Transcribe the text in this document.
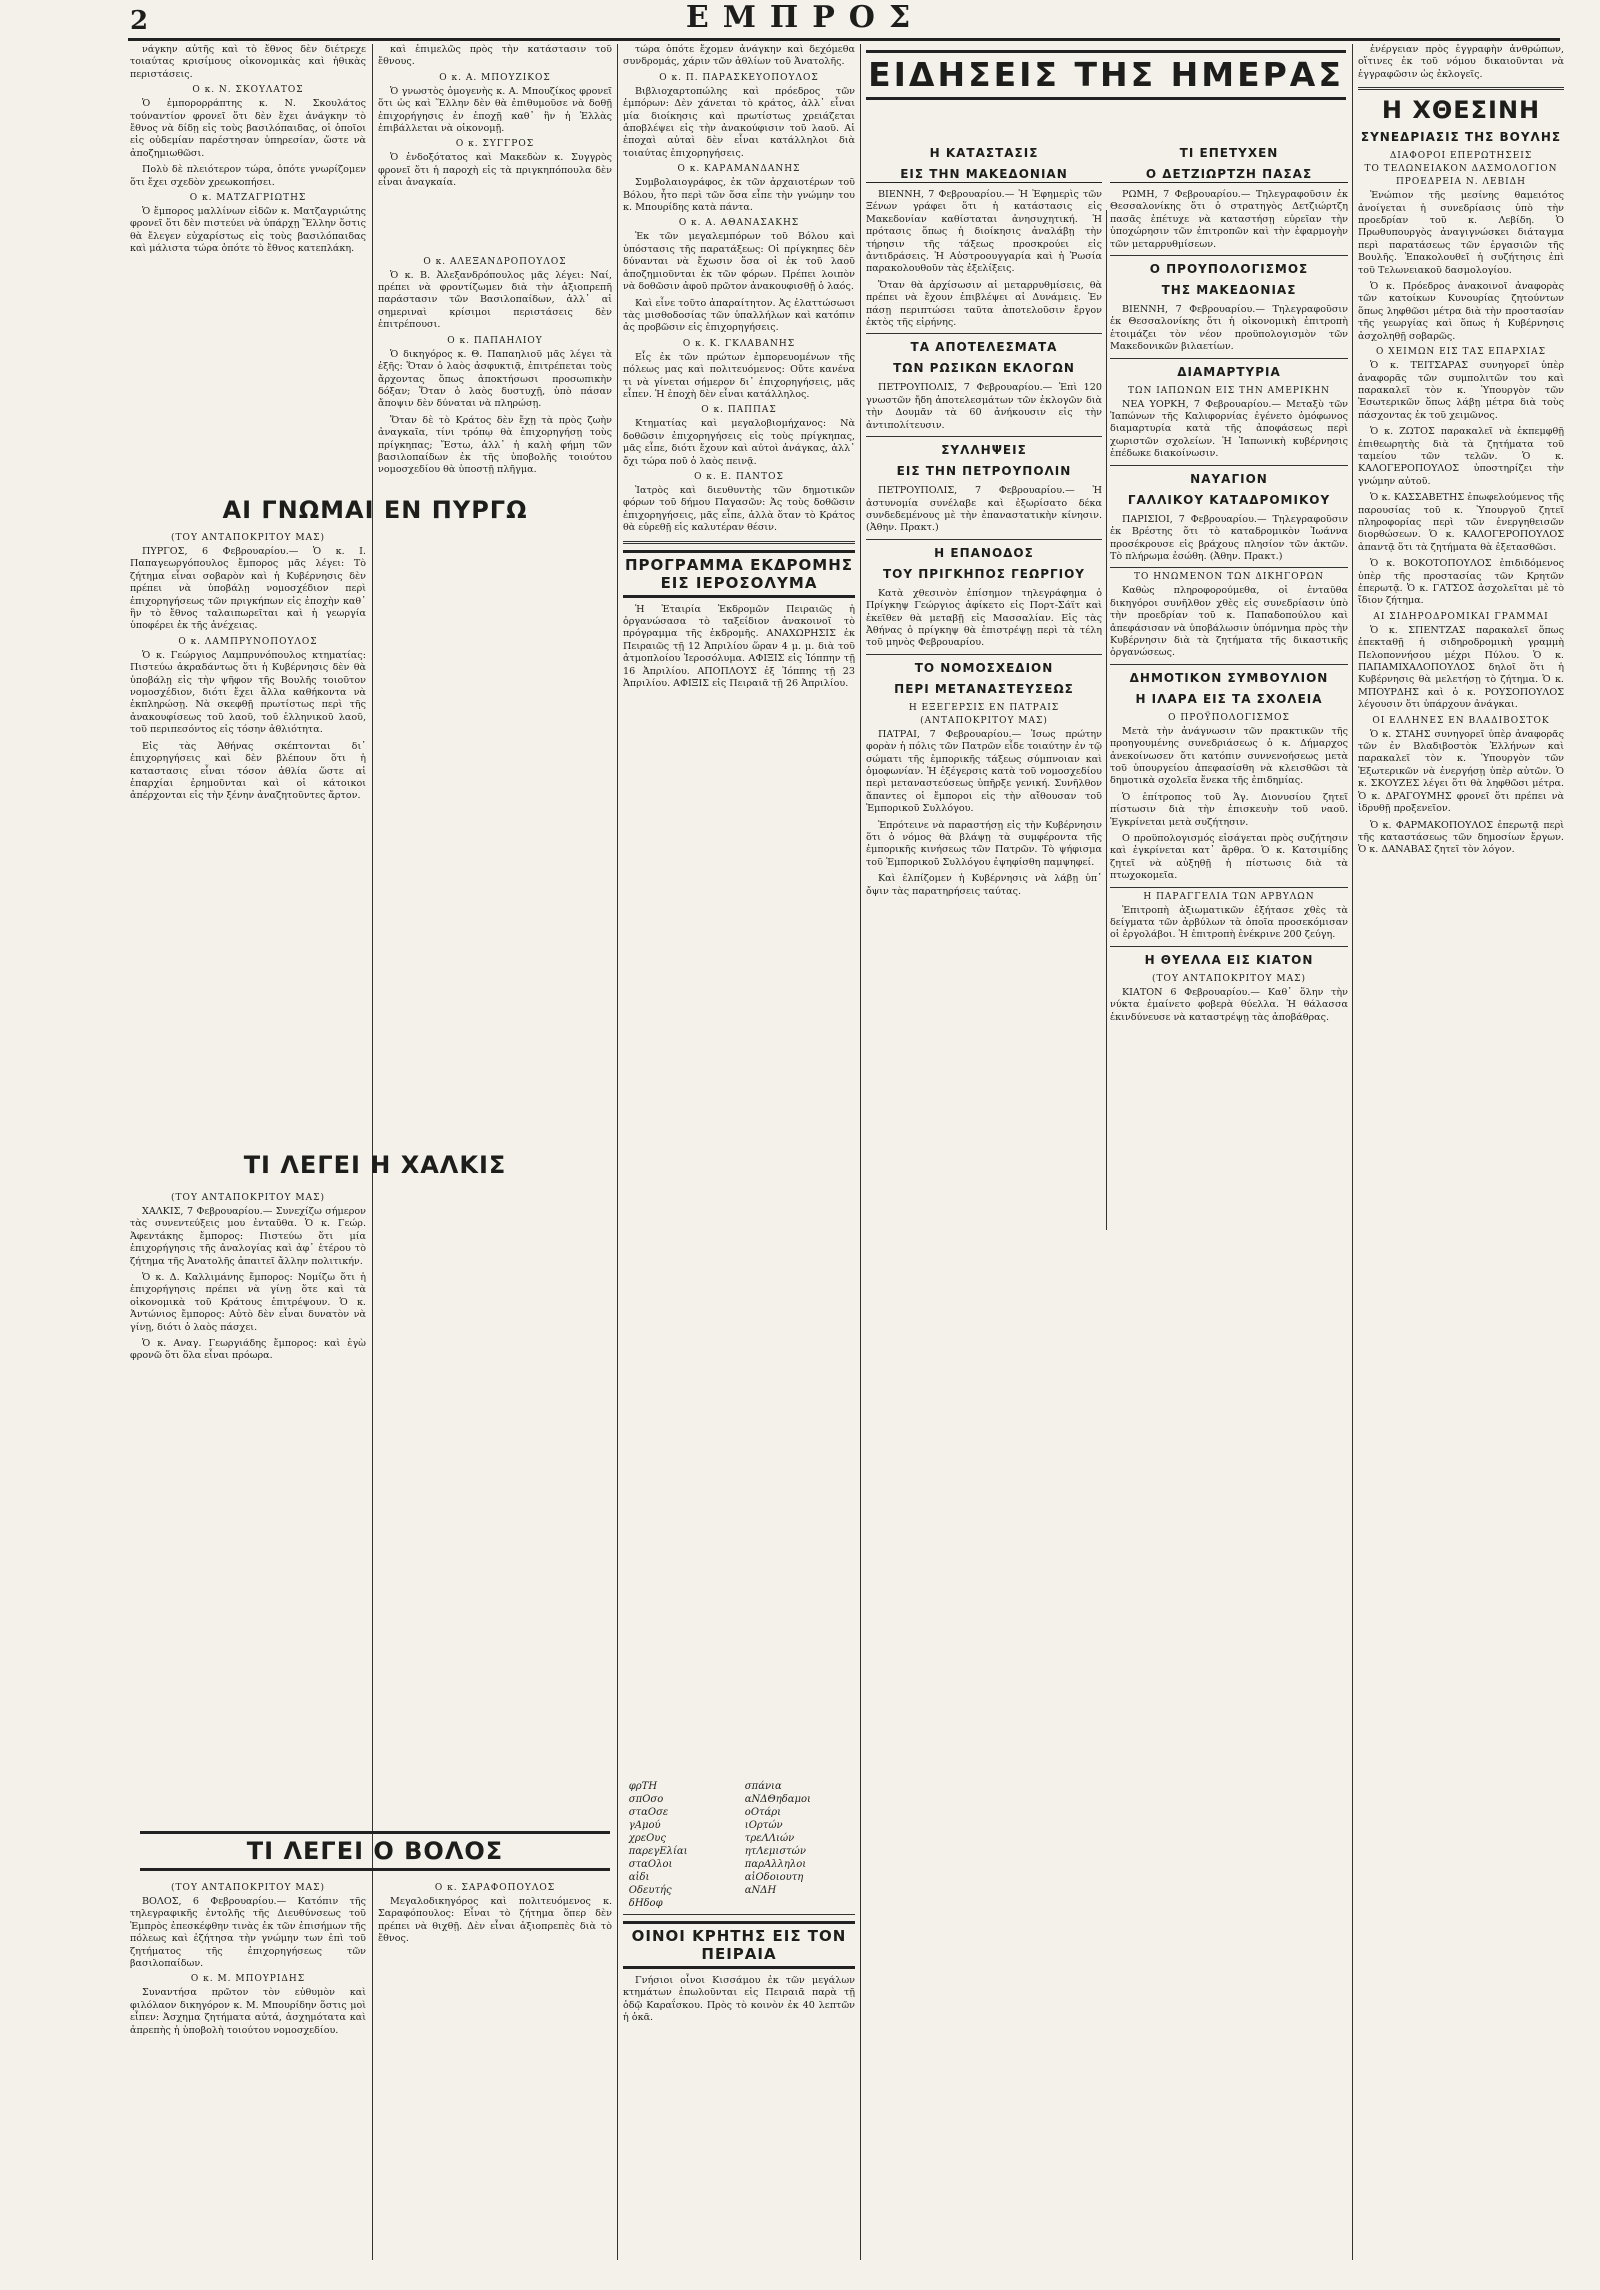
2	ΕΜΠΡΟΣ

νάγκην αὐτῆς καὶ τὸ ἔθνος δὲν διέτρεχε τοιαύτας κρισίμους οἰκονομικὰς καὶ ἠθικὰς περιστάσεις.

Ο κ. Ν. ΣΚΟΥΛΑΤΟΣ

Ὁ ἐμπορορράπτης κ. Ν. Σκουλάτος τούναντίον φρονεῖ ὅτι δὲν ἔχει ἀνάγκην τὸ ἔθνος νὰ δίδῃ εἰς τοὺς βασιλόπαιδας, οἱ ὁποῖοι εἰς οὐδεμίαν παρέστησαν ὑπηρεσίαν, ὥστε νὰ ἀποζημιωθῶσι.

Πολὺ δὲ πλειότερον τώρα, ὁπότε γνωρίζομεν ὅτι ἔχει σχεδὸν χρεωκοπήσει.

Ο κ. ΜΑΤΖΑΓΡΙΩΤΗΣ

Ὁ ἔμπορος μαλλίνων εἰδῶν κ. Ματζαγριώτης φρονεῖ ὅτι δὲν πιστεύει νὰ ὑπάρχῃ Ἕλλην ὅστις θὰ ἔλεγεν εὐχαρίστως εἰς τοὺς βασιλόπαιδας καὶ μάλιστα τώρα ὁπότε τὸ ἔθνος κατεπλάκη.

ΑΙ ΓΝΩΜΑΙ ΕΝ ΠΥΡΓΩ
(ΤΟΥ ΑΝΤΑΠΟΚΡΙΤΟΥ ΜΑΣ)

ΠΥΡΓΟΣ, 6 Φεβρουαρίου.— Ὁ κ. Ι. Παπαγεωργόπουλος ἔμπορος μᾶς λέγει: Τὸ ζήτημα εἶναι σοβαρὸν καὶ ἡ Κυβέρνησις δὲν πρέπει νὰ ὑποβάλῃ νομοσχέδιον περὶ ἐπιχορηγήσεως τῶν πριγκήπων εἰς ἐποχὴν καθ᾽ ἣν τὸ ἔθνος ταλαιπωρεῖται καὶ ἡ γεωργία ὑποφέρει ἐκ τῆς ἀνέχειας.

Ο κ. ΛΑΜΠΡΥΝΟΠΟΥΛΟΣ

Ὁ κ. Γεώργιος Λαμπρυνόπουλος κτηματίας: Πιστεύω ἀκραδάντως ὅτι ἡ Κυβέρνησις δὲν θὰ ὑποβάλῃ εἰς τὴν ψῆφον τῆς Βουλῆς τοιοῦτον νομοσχέδιον, διότι ἔχει ἄλλα καθήκοντα νὰ ἐκπληρώσῃ. Νὰ σκεφθῇ πρωτίστως περὶ τῆς ἀνακουφίσεως τοῦ λαοῦ, τοῦ ἑλληνικοῦ λαοῦ, τοῦ περιπεσόντος εἰς τόσην ἀθλιότητα.

Εἰς τὰς Ἀθήνας σκέπτονται δι᾽ ἐπιχορηγήσεις καὶ δὲν βλέπουν ὅτι ἡ καταστασις εἶναι τόσον ἀθλία ὥστε αἱ ἐπαρχίαι ἐρημοῦνται καὶ οἱ κάτοικοι ἀπέρχονται εἰς τὴν ξένην ἀναζητοῦντες ἄρτον.

καὶ ἐπιμελῶς πρὸς τὴν κατάστασιν τοῦ ἔθνους.

Ο κ. Α. ΜΠΟΥΖΙΚΟΣ

Ὁ γνωστὸς ὁμογενὴς κ. Α. Μπουζίκος φρονεῖ ὅτι ὡς καὶ Ἕλλην δὲν θὰ ἐπιθυμοῦσε νὰ δοθῇ ἐπιχορήγησις ἐν ἐποχῇ καθ᾽ ἣν ἡ Ἑλλὰς ἐπιβάλλεται νὰ οἰκονομῇ.

Ο κ. ΣΥΓΓΡΟΣ

Ὁ ἐνδοξότατος καὶ Μακεδὼν κ. Συγγρὸς φρονεῖ ὅτι ἡ παροχὴ εἰς τὰ πριγκηπόπουλα δὲν εἶναι ἀναγκαία.

Ο κ. ΑΛΕΞΑΝΔΡΟΠΟΥΛΟΣ

Ὁ κ. Β. Ἀλεξανδρόπουλος μᾶς λέγει: Ναί, πρέπει νὰ φροντίζωμεν διὰ τὴν ἀξιοπρεπῆ παράστασιν τῶν Βασιλοπαίδων, ἀλλ᾽ αἱ σημεριναὶ κρίσιμοι περιστάσεις δὲν ἐπιτρέπουσι.

Ο κ. ΠΑΠΑΗΛΙΟΥ

Ὁ δικηγόρος κ. Θ. Παπαηλιοῦ μᾶς λέγει τὰ ἑξῆς: Ὅταν ὁ λαὸς ἀσφυκτιᾷ, ἐπιτρέπεται τοὺς ἄρχοντας ὅπως ἀποκτήσωσι προσωπικὴν δόξαν; Ὅταν ὁ λαὸς δυστυχῇ, ὑπὸ πάσαν ἄποψιν δὲν δύναται νὰ πληρώσῃ.

Ὅταν δὲ τὸ Κράτος δὲν ἔχῃ τὰ πρὸς ζωὴν ἀναγκαῖα, τίνι τρόπῳ θὰ ἐπιχορηγήσῃ τοὺς πρίγκηπας; Ἔστω, ἀλλ᾽ ἡ καλὴ φήμη τῶν βασιλοπαίδων ἐκ τῆς ὑποβολῆς τοιούτου νομοσχεδίου θὰ ὑποστῇ πλῆγμα.

ΤΙ ΛΕΓΕΙ Η ΧΑΛΚΙΣ
(ΤΟΥ ΑΝΤΑΠΟΚΡΙΤΟΥ ΜΑΣ)

ΧΑΛΚΙΣ, 7 Φεβρουαρίου.— Συνεχίζω σήμερον τὰς συνεντεύξεις μου ἐνταῦθα. Ὁ κ. Γεώρ. Ἀφεντάκης ἔμπορος: Πιστεύω ὅτι μία ἐπιχορήγησις τῆς ἀναλογίας καὶ ἀφ᾽ ἑτέρου τὸ ζήτημα τῆς Ἀνατολῆς ἀπαιτεῖ ἄλλην πολιτικήν.

Ὁ κ. Δ. Καλλιμάνης ἔμπορος: Νομίζω ὅτι ἡ ἐπιχορήγησις πρέπει νὰ γίνῃ ὅτε καὶ τὰ οἰκονομικὰ τοῦ Κράτους ἐπιτρέψουν. Ὁ κ. Ἀντώνιος ἔμπορος: Αὐτὸ δὲν εἶναι δυνατὸν νὰ γίνῃ, διότι ὁ λαὸς πάσχει.

Ὁ κ. Αναγ. Γεωργιάδης ἔμπορος: καὶ ἐγὼ φρονῶ ὅτι ὅλα εἶναι πρόωρα.

ΤΙ ΛΕΓΕΙ Ο ΒΟΛΟΣ
(ΤΟΥ ΑΝΤΑΠΟΚΡΙΤΟΥ ΜΑΣ)

ΒΟΛΟΣ, 6 Φεβρουαρίου.— Κατόπιν τῆς τηλεγραφικῆς ἐντολῆς τῆς Διευθύνσεως τοῦ Ἐμπρὸς ἐπεσκέφθην τινὰς ἐκ τῶν ἐπισήμων τῆς πόλεως καὶ ἐζήτησα τὴν γνώμην των ἐπὶ τοῦ ζητήματος τῆς ἐπιχορηγήσεως τῶν βασιλοπαίδων.

Ο κ. Μ. ΜΠΟΥΡΙΔΗΣ

Συναντήσα πρῶτον τὸν εὐθυμὸν καὶ φιλόλαον δικηγόρον κ. Μ. Μπουρίδην ὅστις μοὶ εἶπεν: Ἀσχημα ζητήματα αὐτά, ἀσχημότατα καὶ ἀπρεπὴς ἡ ὑποβολὴ τοιούτου νομοσχεδίου.

Ο κ. ΣΑΡΑΦΟΠΟΥΛΟΣ

Μεγαλοδικηγόρος καὶ πολιτευόμενος κ. Σαραφόπουλος: Εἶναι τὸ ζήτημα ὅπερ δὲν πρέπει νὰ θιχθῇ. Δὲν εἶναι ἀξιοπρεπὲς διὰ τὸ ἔθνος.

τώρα ὁπότε ἔχομεν ἀνάγκην καὶ δεχόμεθα συνδρομάς, χάριν τῶν ἀθλίων τοῦ Ἀνατολῆς.

Ο κ. Π. ΠΑΡΑΣΚΕΥΟΠΟΥΛΟΣ

Βιβλιοχαρτοπώλης καὶ πρόεδρος τῶν ἐμπόρων: Δὲν χάνεται τὸ κράτος, ἀλλ᾽ εἶναι μία διοίκησις καὶ πρωτίστως χρειάζεται ἀποβλέψει εἰς τὴν ἀνακούφισιν τοῦ λαοῦ. Αἱ ἐποχαὶ αὐταὶ δὲν εἶναι κατάλληλοι διὰ τοιαύτας ἐπιχορηγήσεις.

Ο κ. ΚΑΡΑΜΑΝΔΑΝΗΣ

Συμβολαιογράφος, ἐκ τῶν ἀρχαιοτέρων τοῦ Βόλου, ἦτο περὶ τῶν ὅσα εἶπε τὴν γνώμην του κ. Μπουρίδης κατὰ πάντα.

Ο κ. Α. ΑΘΑΝΑΣΑΚΗΣ

Ἐκ τῶν μεγαλεμπόρων τοῦ Βόλου καὶ ὑπόστασις τῆς παρατάξεως: Οἱ πρίγκηπες δὲν δύνανται νὰ ἔχωσιν ὅσα οἱ ἐκ τοῦ λαοῦ ἀποζημιοῦνται ἐκ τῶν φόρων. Πρέπει λοιπὸν νὰ δοθῶσιν ἀφοῦ πρῶτον ἀνακουφισθῇ ὁ λαός.

Καὶ εἶνε τοῦτο ἀπαραίτητον. Ἀς ἐλαττώσωσι τὰς μισθοδοσίας τῶν ὑπαλλήλων καὶ κατόπιν ἀς προβῶσιν εἰς ἐπιχορηγήσεις.

Ο κ. Κ. ΓΚΛΑΒΑΝΗΣ

Εἷς ἐκ τῶν πρώτων ἐμπορευομένων τῆς πόλεως μας καὶ πολιτευόμενος: Οὔτε κανένα τι νὰ γίνεται σήμερον δι᾽ ἐπιχορηγήσεις, μᾶς εἶπεν. Ἡ ἐποχὴ δὲν εἶναι κατάλληλος.

Ο κ. ΠΑΠΠΑΣ

Κτηματίας καὶ μεγαλοβιομήχανος: Νὰ δοθῶσιν ἐπιχορηγήσεις εἰς τοὺς πρίγκηπας, μᾶς εἶπε, διότι ἔχουν καὶ αὐτοὶ ἀνάγκας, ἀλλ᾽ ὄχι τώρα ποῦ ὁ λαὸς πεινᾷ.

Ο κ. Ε. ΠΑΝΤΟΣ

Ἰατρὸς καὶ διευθυντὴς τῶν δημοτικῶν φόρων τοῦ δήμου Παγασῶν: Ἀς τοὺς δοθῶσιν ἐπιχορηγήσεις, μᾶς εἶπε, ἀλλὰ ὅταν τὸ Κράτος θὰ εὑρεθῇ εἰς καλυτέραν θέσιν.

ΠΡΟΓΡΑΜΜΑ ΕΚΔΡΟΜΗΣ ΕΙΣ ΙΕΡΟΣΟΛΥΜΑ

Ἡ Ἑταιρία Ἐκδρομῶν Πειραιῶς ἡ ὀργανώσασα τὸ ταξείδιον ἀνακοινοῖ τὸ πρόγραμμα τῆς ἐκδρομῆς. ΑΝΑΧΩΡΗΣΙΣ ἐκ Πειραιῶς τῇ 12 Ἀπριλίου ὥραν 4 μ. μ. διὰ τοῦ ἀτμοπλοίου Ἱεροσόλυμα. ΑΦΙΞΙΣ εἰς Ἰόππην τῇ 16 Ἀπριλίου. ΑΠΟΠΛΟΥΣ ἐξ Ἰόππης τῇ 23 Ἀπριλίου. ΑΦΙΞΙΣ εἰς Πειραιᾶ τῇ 26 Ἀπριλίου.

φρΤΗ
σπΟσο
σταΟσε
γΑμού
χρεΟυς
παρεγΕλίαι
σταΟλοι
αἰδι Οδευτής
δΗδοφ
σπάνια
αΝΔΘηδαμοι
οΟτάρι
ιΟρτών
τρεΛΛιών
ητΛεμιστών
παρΑλληλοι
αἰΟδοιουτη
αΝΔΗ
ΟΙΝΟΙ ΚΡΗΤΗΣ ΕΙΣ ΤΟΝ ΠΕΙΡΑΙΑ

Γνήσιοι οἶνοι Κισσάμου ἐκ τῶν μεγάλων κτημάτων ἐπωλοῦνται εἰς Πειραιᾶ παρὰ τῇ ὁδῷ Καραΐσκου. Πρὸς τὸ κοινὸν ἐκ 40 λεπτῶν ἡ ὀκᾶ.

ΕΙΔΗΣΕΙΣ ΤΗΣ ΗΜΕΡΑΣ
Η ΚΑΤΑΣΤΑΣΙΣ
ΕΙΣ ΤΗΝ ΜΑΚΕΔΟΝΙΑΝ

ΒΙΕΝΝΗ, 7 Φεβρουαρίου.— Ἡ Ἐφημερὶς τῶν Ξένων γράφει ὅτι ἡ κατάστασις εἰς Μακεδονίαν καθίσταται ἀνησυχητική. Ἡ πρότασις ὅπως ἡ διοίκησις ἀναλάβῃ τὴν τήρησιν τῆς τάξεως προσκρούει εἰς ἀντιδράσεις. Ἡ Αὐστροουγγαρία καὶ ἡ Ῥωσία παρακολουθοῦν τὰς ἐξελίξεις.

Ὅταν θὰ ἀρχίσωσιν αἱ μεταρρυθμίσεις, θὰ πρέπει νὰ ἔχουν ἐπιβλέψει αἱ Δυνάμεις. Ἐν πάσῃ περιπτώσει ταῦτα ἀποτελοῦσιν ἔργον ἐκτὸς τῆς εἰρήνης.

ΤΑ ΑΠΟΤΕΛΕΣΜΑΤΑ
ΤΩΝ ΡΩΣΙΚΩΝ ΕΚΛΟΓΩΝ

ΠΕΤΡΟΥΠΟΛΙΣ, 7 Φεβρουαρίου.— Ἐπὶ 120 γνωστῶν ἤδη ἀποτελεσμάτων τῶν ἐκλογῶν διὰ τὴν Δουμᾶν τὰ 60 ἀνήκουσιν εἰς τὴν ἀντιπολίτευσιν.

ΣΥΛΛΗΨΕΙΣ
ΕΙΣ ΤΗΝ ΠΕΤΡΟΥΠΟΛΙΝ

ΠΕΤΡΟΥΠΟΛΙΣ, 7 Φεβρουαρίου.— Ἡ ἀστυνομία συνέλαβε καὶ ἐξωρίσατο δέκα συνδεδεμένους μὲ τὴν ἐπαναστατικὴν κίνησιν. (Ἀθην. Πρακτ.)

Η ΕΠΑΝΟΔΟΣ
ΤΟΥ ΠΡΙΓΚΗΠΟΣ ΓΕΩΡΓΙΟΥ

Κατὰ χθεσινὸν ἐπίσημον τηλεγράφημα ὁ Πρίγκηψ Γεώργιος ἀφίκετο εἰς Πορτ-Σάϊτ καὶ ἐκεῖθεν θὰ μεταβῇ εἰς Μασσαλίαν. Εἰς τὰς Ἀθήνας ὁ πρίγκηψ θὰ ἐπιστρέψῃ περὶ τὰ τέλη τοῦ μηνὸς Φεβρουαρίου.

ΤΟ ΝΟΜΟΣΧΕΔΙΟΝ
ΠΕΡΙ ΜΕΤΑΝΑΣΤΕΥΣΕΩΣ
Η ΕΞΕΓΕΡΣΙΣ ΕΝ ΠΑΤΡΑΙΣ
(ΑΝΤΑΠΟΚΡΙΤΟΥ ΜΑΣ)

ΠΑΤΡΑΙ, 7 Φεβρουαρίου.— Ἰσως πρώτην φορὰν ἡ πόλις τῶν Πατρῶν εἶδε τοιαύτην ἐν τῷ σώματι τῆς ἐμπορικῆς τάξεως σύμπνοιαν καὶ ὁμοφωνίαν. Ἡ ἐξέγερσις κατὰ τοῦ νομοσχεδίου περὶ μεταναστεύσεως ὑπῆρξε γενική. Συνῆλθον ἅπαντες οἱ ἔμποροι εἰς τὴν αἴθουσαν τοῦ Ἐμπορικοῦ Συλλόγου.

Ἐπρότεινε νὰ παραστήσῃ εἰς τὴν Κυβέρνησιν ὅτι ὁ νόμος θὰ βλάψῃ τὰ συμφέροντα τῆς ἐμπορικῆς κινήσεως τῶν Πατρῶν. Τὸ ψήφισμα τοῦ Ἐμπορικοῦ Συλλόγου ἐψηφίσθη παμψηφεί.

Καὶ ἐλπίζομεν ἡ Κυβέρνησις νὰ λάβῃ ὑπ᾽ ὄψιν τὰς παρατηρήσεις ταύτας.

ΤΙ ΕΠΕΤΥΧΕΝ
Ο ΔΕΤΖΙΩΡΤΖΗ ΠΑΣΑΣ

ΡΩΜΗ, 7 Φεβρουαρίου.— Τηλεγραφοῦσιν ἐκ Θεσσαλονίκης ὅτι ὁ στρατηγὸς Δετζιώρτζη πασᾶς ἐπέτυχε νὰ καταστήσῃ εὐρεῖαν τὴν ὑποχώρησιν τῶν ἐπιτροπῶν καὶ τὴν ἐφαρμογὴν τῶν μεταρρυθμίσεων.

Ο ΠΡΟΥΠΟΛΟΓΙΣΜΟΣ
ΤΗΣ ΜΑΚΕΔΟΝΙΑΣ

ΒΙΕΝΝΗ, 7 Φεβρουαρίου.— Τηλεγραφοῦσιν ἐκ Θεσσαλονίκης ὅτι ἡ οἰκονομικὴ ἐπιτροπὴ ἐτοιμάζει τὸν νέον προϋπολογισμὸν τῶν Μακεδονικῶν βιλαετίων.

ΔΙΑΜΑΡΤΥΡΙΑ
ΤΩΝ ΙΑΠΩΝΩΝ ΕΙΣ ΤΗΝ ΑΜΕΡΙΚΗΝ

ΝΕΑ ΥΟΡΚΗ, 7 Φεβρουαρίου.— Μεταξὺ τῶν Ἰαπώνων τῆς Καλιφορνίας ἐγένετο ὁμόφωνος διαμαρτυρία κατὰ τῆς ἀποφάσεως περὶ χωριστῶν σχολείων. Ἡ Ἰαπωνικὴ κυβέρνησις ἐπέδωκε διακοίνωσιν.

ΝΑΥΑΓΙΟΝ
ΓΑΛΛΙΚΟΥ ΚΑΤΑΔΡΟΜΙΚΟΥ

ΠΑΡΙΣΙΟΙ, 7 Φεβρουαρίου.— Τηλεγραφοῦσιν ἐκ Βρέστης ὅτι τὸ καταδρομικὸν Ἰωάννα προσέκρουσε εἰς βράχους πλησίον τῶν ἀκτῶν. Τὸ πλήρωμα ἐσώθη. (Ἀθην. Πρακτ.)

ΤΟ ΗΝΩΜΕΝΟΝ ΤΩΝ ΔΙΚΗΓΟΡΩΝ

Καθὼς πληροφορούμεθα, οἱ ἐνταῦθα δικηγόροι συνῆλθον χθὲς εἰς συνεδρίασιν ὑπὸ τὴν προεδρίαν τοῦ κ. Παπαδοπούλου καὶ ἀπεφάσισαν νὰ ὑποβάλωσιν ὑπόμνημα πρὸς τὴν Κυβέρνησιν διὰ τὰ ζητήματα τῆς δικαστικῆς ὀργανώσεως.

ΔΗΜΟΤΙΚΟΝ ΣΥΜΒΟΥΛΙΟΝ
Η ΙΛΑΡΑ ΕΙΣ ΤΑ ΣΧΟΛΕΙΑ
Ο ΠΡΟΫΠΟΛΟΓΙΣΜΟΣ

Μετὰ τὴν ἀνάγνωσιν τῶν πρακτικῶν τῆς προηγουμένης συνεδριάσεως ὁ κ. Δήμαρχος ἀνεκοίνωσεν ὅτι κατόπιν συννενοήσεως μετὰ τοῦ ὑπουργείου ἀπεφασίσθη νὰ κλεισθῶσι τὰ δημοτικὰ σχολεῖα ἕνεκα τῆς ἐπιδημίας.

Ὁ ἐπίτροπος τοῦ Ἁγ. Διονυσίου ζητεῖ πίστωσιν διὰ τὴν ἐπισκευὴν τοῦ ναοῦ. Ἐγκρίνεται μετὰ συζήτησιν.

Ο προϋπολογισμός εἰσάγεται πρὸς συζήτησιν καὶ ἐγκρίνεται κατ᾽ ἄρθρα. Ὁ κ. Κατσιμίδης ζητεῖ νὰ αὐξηθῇ ἡ πίστωσις διὰ τὰ πτωχοκομεῖα.

Η ΠΑΡΑΓΓΕΛΙΑ ΤΩΝ ΑΡΒΥΛΩΝ

Ἐπιτροπὴ ἀξιωματικῶν ἐξήτασε χθὲς τὰ δείγματα τῶν ἀρβύλων τὰ ὁποῖα προσεκόμισαν οἱ ἐργολάβοι. Ἡ ἐπιτροπὴ ἐνέκρινε 200 ζεύγη.

Η ΘΥΕΛΛΑ ΕΙΣ ΚΙΑΤΟΝ
(ΤΟΥ ΑΝΤΑΠΟΚΡΙΤΟΥ ΜΑΣ)

ΚΙΑΤΟΝ 6 Φεβρουαρίου.— Καθ᾽ ὅλην τὴν νύκτα ἐμαίνετο φοβερὰ θύελλα. Ἡ θάλασσα ἐκινδύνευσε νὰ καταστρέψῃ τὰς ἀποβάθρας.

ἐνέργειαν πρὸς ἐγγραφὴν ἀνθρώπων, οἵτινες ἐκ τοῦ νόμου δικαιοῦνται νὰ ἐγγραφῶσιν ὡς ἐκλογεῖς.

Η ΧΘΕΣΙΝΗ
ΣΥΝΕΔΡΙΑΣΙΣ ΤΗΣ ΒΟΥΛΗΣ
ΔΙΑΦΟΡΟΙ ΕΠΕΡΩΤΗΣΕΙΣ
ΤΟ ΤΕΛΩΝΕΙΑΚΟΝ ΔΑΣΜΟΛΟΓΙΟΝ
ΠΡΟΕΔΡΕΙΑ Ν. ΛΕΒΙΔΗ

Ἐνώπιον τῆς μεσίνης θαμειότος ἀνοίγεται ἡ συνεδρίασις ὑπὸ τὴν προεδρίαν τοῦ κ. Λεβίδη. Ὁ Πρωθυπουργὸς ἀναγιγνώσκει διάταγμα περὶ παρατάσεως τῶν ἐργασιῶν τῆς Βουλῆς. Ἐπακολουθεῖ ἡ συζήτησις ἐπὶ τοῦ Τελωνειακοῦ δασμολογίου.

Ὁ κ. Πρόεδρος ἀνακοινοῖ ἀναφορὰς τῶν κατοίκων Κυνουρίας ζητούντων ὅπως ληφθῶσι μέτρα διὰ τὴν προστασίαν τῆς γεωργίας καὶ ὅπως ἡ Κυβέρνησις ἀσχοληθῇ σοβαρῶς.

Ο ΧΕΙΜΩΝ ΕΙΣ ΤΑΣ ΕΠΑΡΧΙΑΣ

Ὁ κ. ΤΕΙΤΣΑΡΑΣ συνηγορεῖ ὑπὲρ ἀναφορᾶς τῶν συμπολιτῶν του καὶ παρακαλεῖ τὸν κ. Ὑπουργὸν τῶν Ἐσωτερικῶν ὅπως λάβῃ μέτρα διὰ τοὺς πάσχοντας ἐκ τοῦ χειμῶνος.

Ὁ κ. ΖΩΤΟΣ παρακαλεῖ νὰ ἐκπεμφθῇ ἐπιθεωρητὴς διὰ τὰ ζητήματα τοῦ ταμείου τῶν τελῶν. Ὁ κ. ΚΑΛΟΓΕΡΟΠΟΥΛΟΣ ὑποστηρίζει τὴν γνώμην αὐτοῦ.

Ὁ κ. ΚΑΣΣΑΒΕΤΗΣ ἐπωφελούμενος τῆς παρουσίας τοῦ κ. Ὑπουργοῦ ζητεῖ πληροφορίας περὶ τῶν ἐνεργηθεισῶν διορθώσεων. Ὁ κ. ΚΑΛΟΓΕΡΟΠΟΥΛΟΣ ἀπαντᾷ ὅτι τὰ ζητήματα θὰ ἐξετασθῶσι.

Ὁ κ. ΒΟΚΟΤΟΠΟΥΛΟΣ ἐπιδιδόμενος ὑπὲρ τῆς προστασίας τῶν Κρητῶν ἐπερωτᾷ. Ὁ κ. ΓΑΤΣΟΣ ἀσχολεῖται μὲ τὸ ἴδιον ζήτημα.

ΑΙ ΣΙΔΗΡΟΔΡΟΜΙΚΑΙ ΓΡΑΜΜΑΙ

Ὁ κ. ΣΠΕΝΤΖΑΣ παρακαλεῖ ὅπως ἐπεκταθῇ ἡ σιδηροδρομικὴ γραμμὴ Πελοποννήσου μέχρι Πύλου. Ὁ κ. ΠΑΠΑΜΙΧΑΛΟΠΟΥΛΟΣ δηλοῖ ὅτι ἡ Κυβέρνησις θὰ μελετήσῃ τὸ ζήτημα. Ὁ κ. ΜΠΟΥΡΔΗΣ καὶ ὁ κ. ΡΟΥΣΟΠΟΥΛΟΣ λέγουσιν ὅτι ὑπάρχουν ἀνάγκαι.

ΟΙ ΕΛΛΗΝΕΣ ΕΝ ΒΛΑΔΙΒΟΣΤΟΚ

Ὁ κ. ΣΤΑΗΣ συνηγορεῖ ὑπὲρ ἀναφορᾶς τῶν ἐν Βλαδιβοστὸκ Ἑλλήνων καὶ παρακαλεῖ τὸν κ. Ὑπουργὸν τῶν Ἐξωτερικῶν νὰ ἐνεργήσῃ ὑπὲρ αὐτῶν. Ὁ κ. ΣΚΟΥΖΕΣ λέγει ὅτι θὰ ληφθῶσι μέτρα. Ὁ κ. ΔΡΑΓΟΥΜΗΣ φρονεῖ ὅτι πρέπει νὰ ἱδρυθῇ προξενεῖον.

Ὁ κ. ΦΑΡΜΑΚΟΠΟΥΛΟΣ ἐπερωτᾷ περὶ τῆς καταστάσεως τῶν δημοσίων ἔργων. Ὁ κ. ΔΑΝΑΒΑΣ ζητεῖ τὸν λόγον.
